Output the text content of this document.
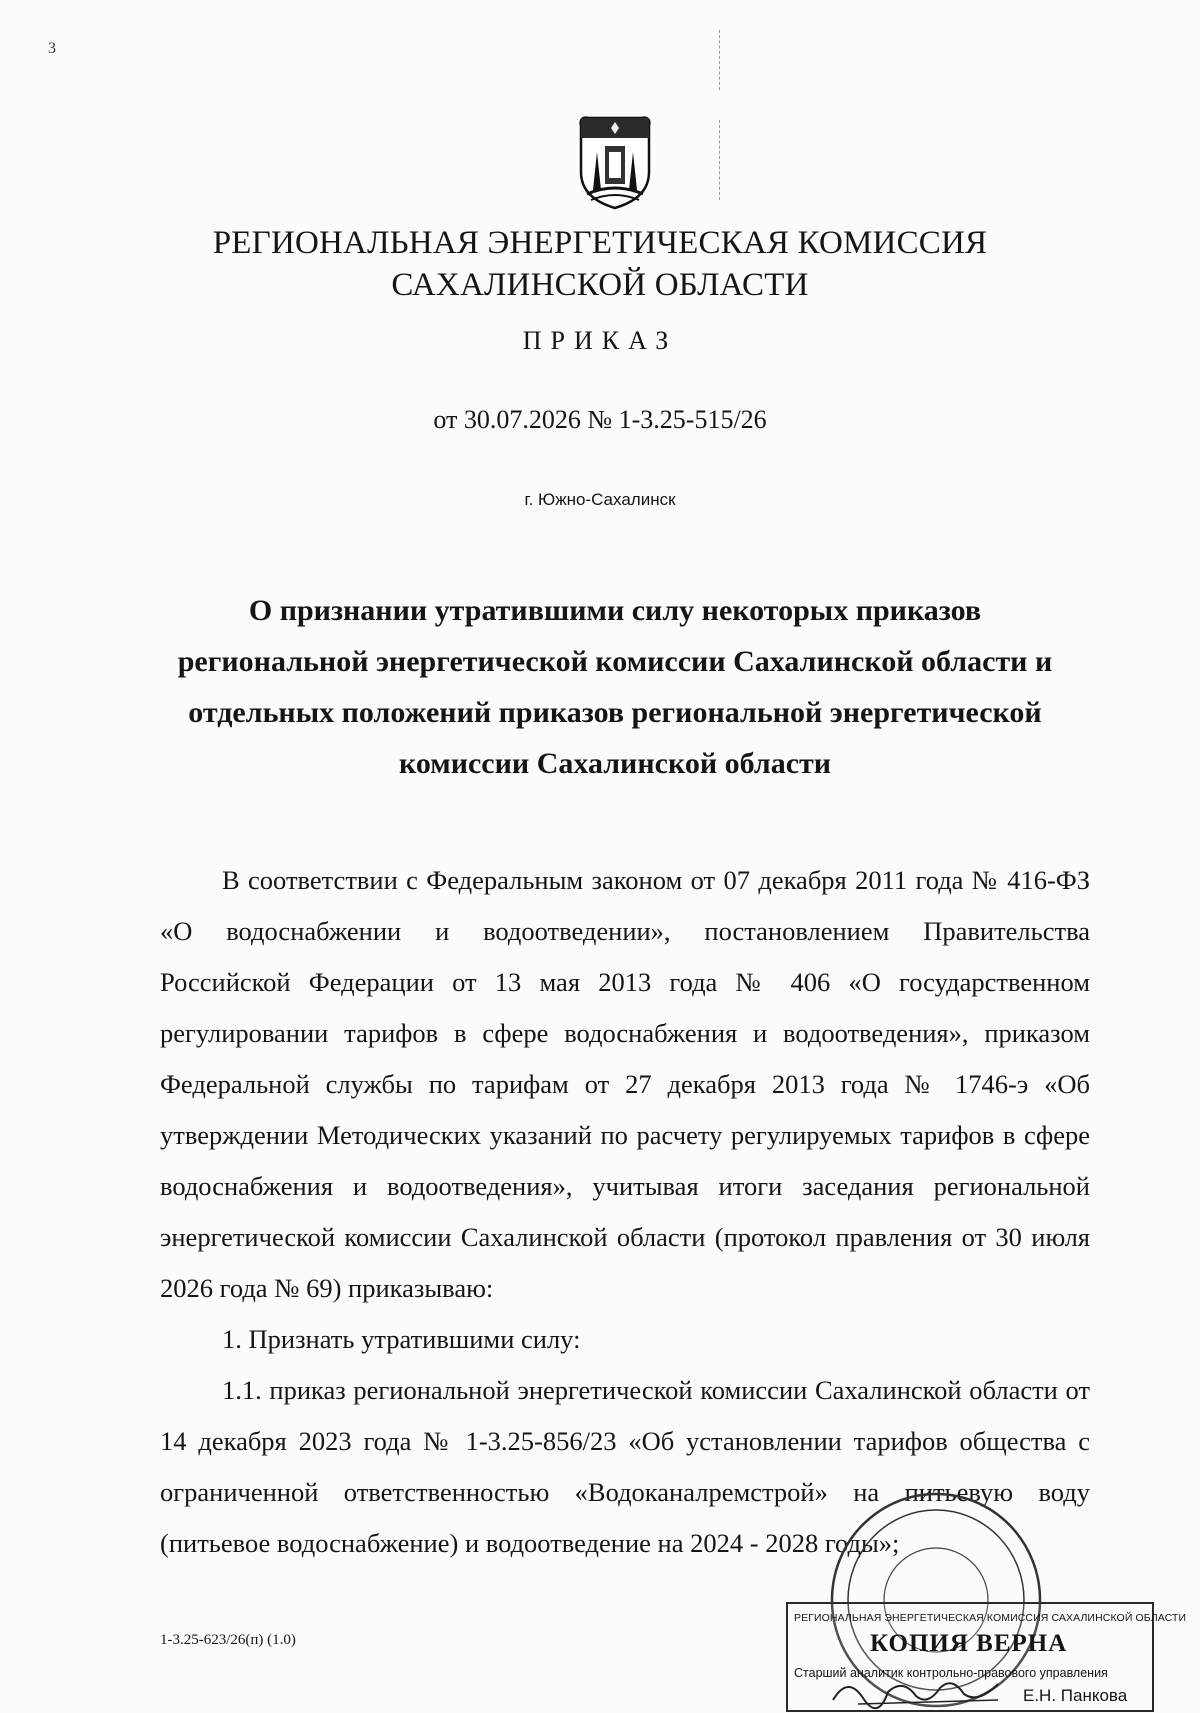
3
РЕГИОНАЛЬНАЯ ЭНЕРГЕТИЧЕСКАЯ КОМИССИЯ
САХАЛИНСКОЙ ОБЛАСТИ
ПРИКАЗ
от 30.07.2026 № 1-3.25-515/26
г. Южно-Сахалинск
О признании утратившими силу некоторых приказов
региональной энергетической комиссии Сахалинской области и
отдельных положений приказов региональной энергетической
комиссии Сахалинской области

В соответствии с Федеральным законом от 07 декабря 2011 года № 416-ФЗ «О водоснабжении и водоотведении», постановлением Правительства Российской Федерации от 13 мая 2013 года № 406 «О государственном регулировании тарифов в сфере водоснабжения и водоотведения», приказом Федеральной службы по тарифам от 27 декабря 2013 года № 1746-э «Об утверждении Методических указаний по расчету регулируемых тарифов в сфере водоснабжения и водоотведения», учитывая итоги заседания региональной энергетической комиссии Сахалинской области (протокол правления от 30 июля 2026 года № 69) приказываю:

1. Признать утратившими силу:

1.1. приказ региональной энергетической комиссии Сахалинской области от 14 декабря 2023 года № 1-3.25-856/23 «Об установлении тарифов общества с ограниченной ответственностью «Водоканалремстрой» на питьевую воду (питьевое водоснабжение) и водоотведение на 2024 - 2028 годы»;

1-3.25-623/26(п) (1.0)
РЕГИОНАЛЬНАЯ ЭНЕРГЕТИЧЕСКАЯ КОМИССИЯ САХАЛИНСКОЙ ОБЛАСТИ
КОПИЯ ВЕРНА
Старший аналитик контрольно-правового управления
Е.Н. Панкова
